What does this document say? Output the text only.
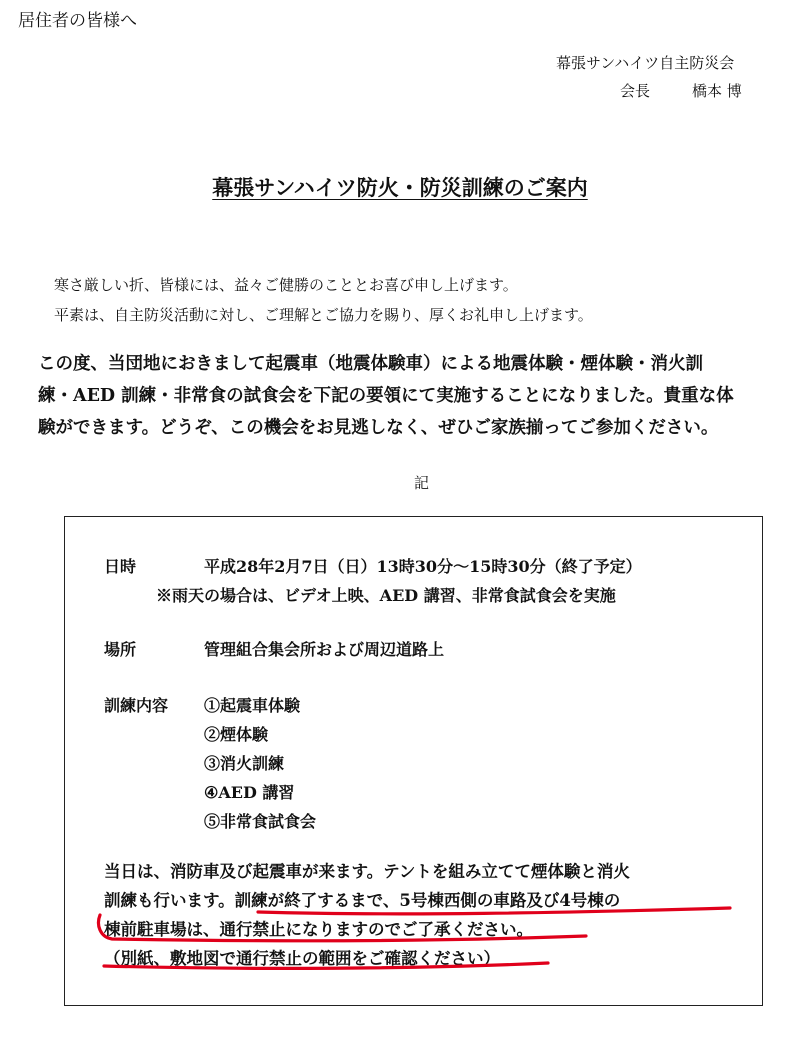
居住者の皆様へ
幕張サンハイツ自主防災会
会長	橋本 博
幕張サンハイツ防火・防災訓練のご案内
寒さ厳しい折、皆様には、益々ご健勝のこととお喜び申し上げます。
平素は、自主防災活動に対し、ご理解とご協力を賜り、厚くお礼申し上げます。
この度、当団地におきまして起震車（地震体験車）による地震体験・煙体験・消火訓
練・AED 訓練・非常食の試食会を下記の要領にて実施することになりました。貴重な体
験ができます。どうぞ、この機会をお見逃しなく、ぜひご家族揃ってご参加ください。
記
日時	平成28年2月7日（日）13時30分～15時30分（終了予定）
※雨天の場合は、ビデオ上映、AED 講習、非常食試食会を実施
場所	管理組合集会所および周辺道路上
訓練内容 ①起震車体験
②煙体験
③消火訓練
④AED 講習
⑤非常食試食会
当日は、消防車及び起震車が来ます。テントを組み立てて煙体験と消火
訓練も行います。訓練が終了するまで、5号棟西側の車路及び4号棟の
棟前駐車場は、通行禁止になりますのでご了承ください。
（別紙、敷地図で通行禁止の範囲をご確認ください）
